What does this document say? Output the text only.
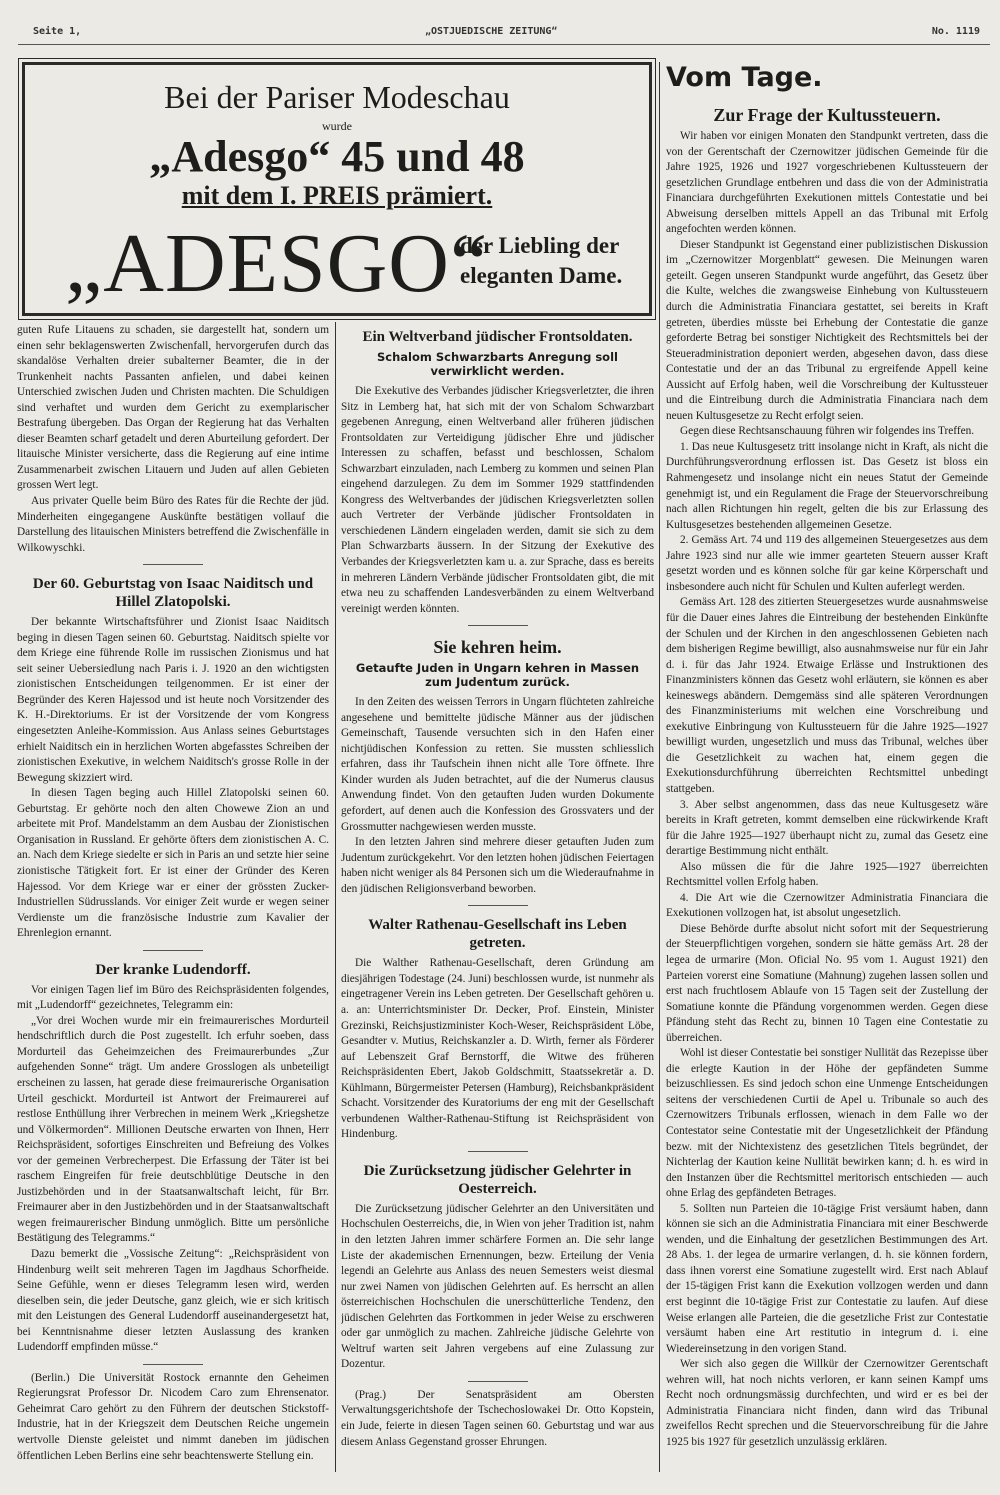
Seite 1,	„OSTJUEDISCHE ZEITUNG“	No. 1119
Bei der Pariser Modeschau
wurde
„Adesgo“ 45 und 48
mit dem I. PREIS prämiert.
„ADESGO“
der Liebling der
eleganten Dame.

guten Rufe Litauens zu schaden, sie dargestellt hat, sondern um einen sehr beklagenswerten Zwischenfall, hervorgerufen durch das skandalöse Verhalten dreier subalterner Beamter, die in der Trunkenheit nachts Passanten anfielen, und dabei keinen Unterschied zwischen Juden und Christen machten. Die Schuldigen sind verhaftet und wurden dem Gericht zu exemplarischer Bestrafung übergeben. Das Organ der Regierung hat das Verhalten dieser Beamten scharf getadelt und deren Aburteilung gefordert. Der litauische Minister versicherte, dass die Regierung auf eine intime Zusammenarbeit zwischen Litauern und Juden auf allen Gebieten grossen Wert legt.

Aus privater Quelle beim Büro des Rates für die Rechte der jüd. Minderheiten eingegangene Auskünfte bestätigen vollauf die Darstellung des litauischen Ministers betreffend die Zwischenfälle in Wilkowyschki.

Der 60. Geburtstag von Isaac Naiditsch und Hillel Zlatopolski.

Der bekannte Wirtschaftsführer und Zionist Isaac Naiditsch beging in diesen Tagen seinen 60. Geburtstag. Naiditsch spielte vor dem Kriege eine führende Rolle im russischen Zionismus und hat seit seiner Uebersiedlung nach Paris i. J. 1920 an den wichtigsten zionistischen Entscheidungen teilgenommen. Er ist einer der Begründer des Keren Hajessod und ist heute noch Vorsitzender des K. H.-Direktoriums. Er ist der Vorsitzende der vom Kongress eingesetzten Anleihe-Kommission. Aus Anlass seines Geburtstages erhielt Naiditsch ein in herzlichen Worten abgefasstes Schreiben der zionistischen Exekutive, in welchem Naiditsch's grosse Rolle in der Bewegung skizziert wird.

In diesen Tagen beging auch Hillel Zlatopolski seinen 60. Geburtstag. Er gehörte noch den alten Chowewe Zion an und arbeitete mit Prof. Mandelstamm an dem Ausbau der Zionistischen Organisation in Russland. Er gehörte öfters dem zionistischen A. C. an. Nach dem Kriege siedelte er sich in Paris an und setzte hier seine zionistische Tätigkeit fort. Er ist einer der Gründer des Keren Hajessod. Vor dem Kriege war er einer der grössten Zucker-Industriellen Südrusslands. Vor einiger Zeit wurde er wegen seiner Verdienste um die französische Industrie zum Kavalier der Ehrenlegion ernannt.

Der kranke Ludendorff.

Vor einigen Tagen lief im Büro des Reichspräsidenten folgendes, mit „Ludendorff“ gezeichnetes, Telegramm ein:

„Vor drei Wochen wurde mir ein freimaurerisches Mordurteil hendschriftlich durch die Post zugestellt. Ich erfuhr soeben, dass Mordurteil das Geheimzeichen des Freimaurerbundes „Zur aufgehenden Sonne“ trägt. Um andere Grosslogen als unbeteiligt erscheinen zu lassen, hat gerade diese freimaurerische Organisation Urteil geschickt. Mordurteil ist Antwort der Freimaurerei auf restlose Enthüllung ihrer Verbrechen in meinem Werk „Kriegshetze und Völkermorden“. Millionen Deutsche erwarten von Ihnen, Herr Reichspräsident, sofortiges Einschreiten und Befreiung des Volkes vor der gemeinen Verbrecherpest. Die Erfassung der Täter ist bei raschem Eingreifen für freie deutschblütige Deutsche in den Justizbehörden und in der Staatsanwaltschaft leicht, für Brr. Freimaurer aber in den Justizbehörden und in der Staatsanwaltschaft wegen freimaurerischer Bindung unmöglich. Bitte um persönliche Bestätigung des Telegramms.“

Dazu bemerkt die „Vossische Zeitung“: „Reichspräsident von Hindenburg weilt seit mehreren Tagen im Jagdhaus Schorfheide. Seine Gefühle, wenn er dieses Telegramm lesen wird, werden dieselben sein, die jeder Deutsche, ganz gleich, wie er sich kritisch mit den Leistungen des General Ludendorff auseinandergesetzt hat, bei Kenntnisnahme dieser letzten Auslassung des kranken Ludendorff empfinden müsse.“

(Berlin.) Die Universität Rostock ernannte den Geheimen Regierungsrat Professor Dr. Nicodem Caro zum Ehrensenator. Geheimrat Caro gehört zu den Führern der deutschen Stickstoff-Industrie, hat in der Kriegszeit dem Deutschen Reiche ungemein wertvolle Dienste geleistet und nimmt daneben im jüdischen öffentlichen Leben Berlins eine sehr beachtenswerte Stellung ein.

Ein Weltverband jüdischer Frontsoldaten.
Schalom Schwarzbarts Anregung soll verwirklicht werden.

Die Exekutive des Verbandes jüdischer Kriegsverletzter, die ihren Sitz in Lemberg hat, hat sich mit der von Schalom Schwarzbart gegebenen Anregung, einen Weltverband aller früheren jüdischen Frontsoldaten zur Verteidigung jüdischer Ehre und jüdischer Interessen zu schaffen, befasst und beschlossen, Schalom Schwarzbart einzuladen, nach Lemberg zu kommen und seinen Plan eingehend darzulegen. Zu dem im Sommer 1929 stattfindenden Kongress des Weltverbandes der jüdischen Kriegsverletzten sollen auch Vertreter der Verbände jüdischer Frontsoldaten in verschiedenen Ländern eingeladen werden, damit sie sich zu dem Plan Schwarzbarts äussern. In der Sitzung der Exekutive des Verbandes der Kriegsverletzten kam u. a. zur Sprache, dass es bereits in mehreren Ländern Verbände jüdischer Frontsoldaten gibt, die mit etwa neu zu schaffenden Landesverbänden zu einem Weltverband vereinigt werden könnten.

Sie kehren heim.
Getaufte Juden in Ungarn kehren in Massen zum Judentum zurück.

In den Zeiten des weissen Terrors in Ungarn flüchteten zahlreiche angesehene und bemittelte jüdische Männer aus der jüdischen Gemeinschaft, Tausende versuchten sich in den Hafen einer nichtjüdischen Konfession zu retten. Sie mussten schliesslich erfahren, dass ihr Taufschein ihnen nicht alle Tore öffnete. Ihre Kinder wurden als Juden betrachtet, auf die der Numerus clausus Anwendung findet. Von den getauften Juden wurden Dokumente gefordert, auf denen auch die Konfession des Grossvaters und der Grossmutter nachgewiesen werden musste.

In den letzten Jahren sind mehrere dieser getauften Juden zum Judentum zurückgekehrt. Vor den letzten hohen jüdischen Feiertagen haben nicht weniger als 84 Personen sich um die Wiederaufnahme in den jüdischen Religionsverband beworben.

Walter Rathenau-Gesellschaft ins Leben getreten.

Die Walther Rathenau-Gesellschaft, deren Gründung am diesjährigen Todestage (24. Juni) beschlossen wurde, ist nunmehr als eingetragener Verein ins Leben getreten. Der Gesellschaft gehören u. a. an: Unterrichtsminister Dr. Decker, Prof. Einstein, Minister Grezinski, Reichsjustizminister Koch-Weser, Reichspräsident Löbe, Gesandter v. Mutius, Reichskanzler a. D. Wirth, ferner als Förderer auf Lebenszeit Graf Bernstorff, die Witwe des früheren Reichspräsidenten Ebert, Jakob Goldschmitt, Staatssekretär a. D. Kühlmann, Bürgermeister Petersen (Hamburg), Reichsbankpräsident Schacht. Vorsitzender des Kuratoriums der eng mit der Gesellschaft verbundenen Walther-Rathenau-Stiftung ist Reichspräsident von Hindenburg.

Die Zurücksetzung jüdischer Gelehrter in Oesterreich.

Die Zurücksetzung jüdischer Gelehrter an den Universitäten und Hochschulen Oesterreichs, die, in Wien von jeher Tradition ist, nahm in den letzten Jahren immer schärfere Formen an. Die sehr lange Liste der akademischen Ernennungen, bezw. Erteilung der Venia legendi an Gelehrte aus Anlass des neuen Semesters weist diesmal nur zwei Namen von jüdischen Gelehrten auf. Es herrscht an allen österreichischen Hochschulen die unerschütterliche Tendenz, den jüdischen Gelehrten das Fortkommen in jeder Weise zu erschweren oder gar unmöglich zu machen. Zahlreiche jüdische Gelehrte von Weltruf warten seit Jahren vergebens auf eine Zulassung zur Dozentur.

(Prag.) Der Senatspräsident am Obersten Verwaltungsgerichtshofe der Tschechoslowakei Dr. Otto Kopstein, ein Jude, feierte in diesen Tagen seinen 60. Geburtstag und war aus diesem Anlass Gegenstand grosser Ehrungen.

Vom Tage.
Zur Frage der Kultussteuern.

Wir haben vor einigen Monaten den Standpunkt vertreten, dass die von der Gerentschaft der Czernowitzer jüdischen Gemeinde für die Jahre 1925, 1926 und 1927 vorgeschriebenen Kultussteuern der gesetzlichen Grundlage entbehren und dass die von der Administratia Financiara durchgeführten Exekutionen mittels Contestatie und bei Abweisung derselben mittels Appell an das Tribunal mit Erfolg angefochten werden können.

Dieser Standpunkt ist Gegenstand einer publizistischen Diskussion im „Czernowitzer Morgenblatt“ gewesen. Die Meinungen waren geteilt. Gegen unseren Standpunkt wurde angeführt, das Gesetz über die Kulte, welches die zwangsweise Einhebung von Kultussteuern durch die Administratia Financiara gestattet, sei bereits in Kraft getreten, überdies müsste bei Erhebung der Contestatie die ganze geforderte Betrag bei sonstiger Nichtigkeit des Rechtsmittels bei der Steueradministration deponiert werden, abgesehen davon, dass diese Contestatie und der an das Tribunal zu ergreifende Appell keine Aussicht auf Erfolg haben, weil die Vorschreibung der Kultussteuer und die Eintreibung durch die Administratia Financiara nach dem neuen Kultusgesetze zu Recht erfolgt seien.

Gegen diese Rechtsanschauung führen wir folgendes ins Treffen.

1. Das neue Kultusgesetz tritt insolange nicht in Kraft, als nicht die Durchführungsverordnung erflossen ist. Das Gesetz ist bloss ein Rahmengesetz und insolange nicht ein neues Statut der Gemeinde genehmigt ist, und ein Regulament die Frage der Steuervorschreibung nach allen Richtungen hin regelt, gelten die bis zur Erlassung des Kultusgesetzes bestehenden allgemeinen Gesetze.

2. Gemäss Art. 74 und 119 des allgemeinen Steuergesetzes aus dem Jahre 1923 sind nur alle wie immer gearteten Steuern ausser Kraft gesetzt worden und es können solche für gar keine Körperschaft und insbesondere auch nicht für Schulen und Kulten auferlegt werden.

Gemäss Art. 128 des zitierten Steuergesetzes wurde ausnahmsweise für die Dauer eines Jahres die Eintreibung der bestehenden Einkünfte der Schulen und der Kirchen in den angeschlossenen Gebieten nach dem bisherigen Regime bewilligt, also ausnahmsweise nur für ein Jahr d. i. für das Jahr 1924. Etwaige Erlässe und Instruktionen des Finanzministers können das Gesetz wohl erläutern, sie können es aber keineswegs abändern. Demgemäss sind alle späteren Verordnungen des Finanzministeriums mit welchen eine Vorschreibung und exekutive Einbringung von Kultussteuern für die Jahre 1925—1927 bewilligt wurden, ungesetzlich und muss das Tribunal, welches über die Gesetzlichkeit zu wachen hat, einem gegen die Exekutionsdurchführung überreichten Rechtsmittel unbedingt stattgeben.

3. Aber selbst angenommen, dass das neue Kultusgesetz wäre bereits in Kraft getreten, kommt demselben eine rückwirkende Kraft für die Jahre 1925—1927 überhaupt nicht zu, zumal das Gesetz eine derartige Bestimmung nicht enthält.

Also müssen die für die Jahre 1925—1927 überreichten Rechtsmittel vollen Erfolg haben.

4. Die Art wie die Czernowitzer Administratia Financiara die Exekutionen vollzogen hat, ist absolut ungesetzlich.

Diese Behörde durfte absolut nicht sofort mit der Sequestrierung der Steuerpflichtigen vorgehen, sondern sie hätte gemäss Art. 28 der legea de urmarire (Mon. Oficial No. 95 vom 1. August 1921) den Parteien vorerst eine Somatiune (Mahnung) zugehen lassen sollen und erst nach fruchtlosem Ablaufe von 15 Tagen seit der Zustellung der Somatiune konnte die Pfändung vorgenommen werden. Gegen diese Pfändung steht das Recht zu, binnen 10 Tagen eine Contestatie zu überreichen.

Wohl ist dieser Contestatie bei sonstiger Nullität das Rezepisse über die erlegte Kaution in der Höhe der gepfändeten Summe beizuschliessen. Es sind jedoch schon eine Unmenge Entscheidungen seitens der verschiedenen Curtii de Apel u. Tribunale so auch des Czernowitzers Tribunals erflossen, wienach in dem Falle wo der Contestator seine Contestatie mit der Ungesetzlichkeit der Pfändung bezw. mit der Nichtexistenz des gesetzlichen Titels begründet, der Nichterlag der Kaution keine Nullität bewirken kann; d. h. es wird in den Instanzen über die Rechtsmittel meritorisch entschieden — auch ohne Erlag des gepfändeten Betrages.

5. Sollten nun Parteien die 10-tägige Frist versäumt haben, dann können sie sich an die Administratia Financiara mit einer Beschwerde wenden, und die Einhaltung der gesetzlichen Bestimmungen des Art. 28 Abs. 1. der legea de urmarire verlangen, d. h. sie können fordern, dass ihnen vorerst eine Somatiune zugestellt wird. Erst nach Ablauf der 15-tägigen Frist kann die Exekution vollzogen werden und dann erst beginnt die 10-tägige Frist zur Contestatie zu laufen. Auf diese Weise erlangen alle Parteien, die die gesetzliche Frist zur Contestatie versäumt haben eine Art restitutio in integrum d. i. eine Wiedereinsetzung in den vorigen Stand.

Wer sich also gegen die Willkür der Czernowitzer Gerentschaft wehren will, hat noch nichts verloren, er kann seinen Kampf ums Recht noch ordnungsmässig durchfechten, und wird er es bei der Administratia Financiara nicht finden, dann wird das Tribunal zweifellos Recht sprechen und die Steuervorschreibung für die Jahre 1925 bis 1927 für gesetzlich unzulässig erklären.
